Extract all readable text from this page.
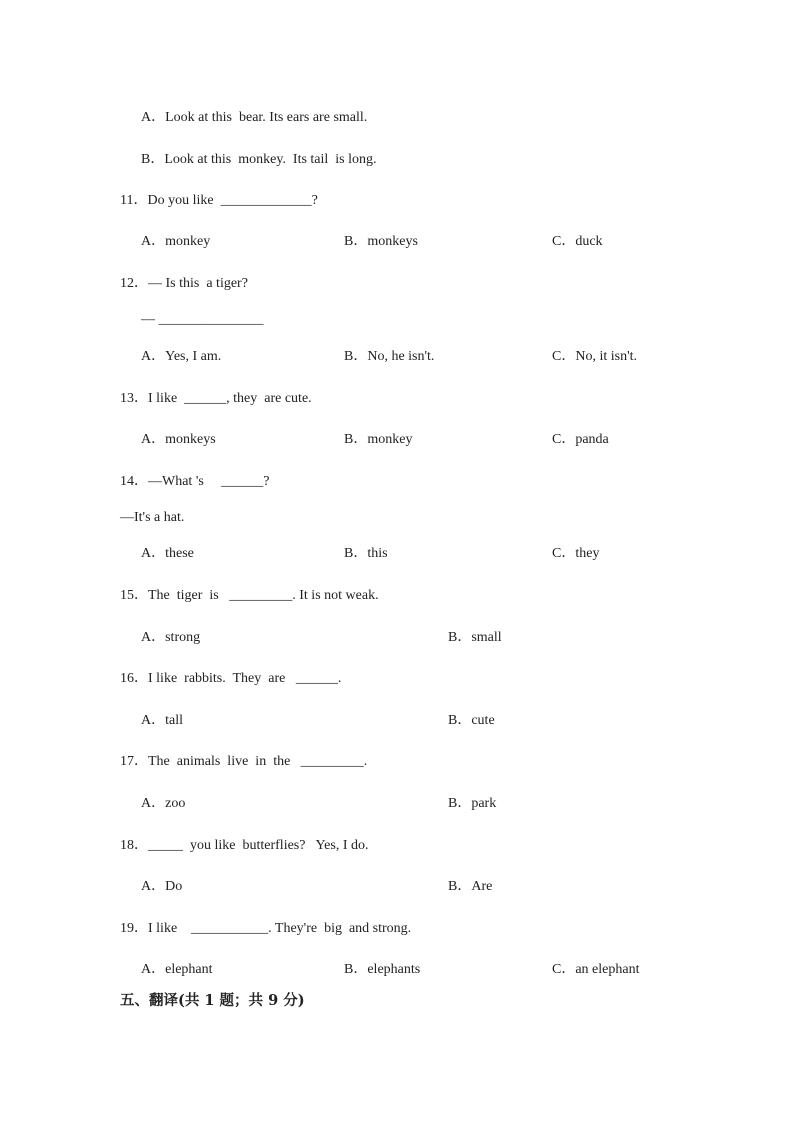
A．Look at this  bear. Its ears are small.
B．Look at this  monkey.  Its tail  is long.
11．Do you like  _____________?
A．monkey	B．monkeys	C．duck
12．— Is this  a tiger?
— _______________
A．Yes, I am.	B．No, he isn't.	C．No, it isn't.
13．I like  ______, they  are cute.
A．monkeys	B．monkey	C．panda
14．—What 's     ______?
—It's a hat.
A．these	B．this	C．they
15．The  tiger  is   _________. It is not weak.
A．strong	B．small
16．I like  rabbits.  They  are   ______.
A．tall	B．cute
17．The  animals  live  in  the   _________.
A．zoo	B．park
18．_____  you like  butterflies?   Yes, I do.
A．Do	B．Are
19．I like    ___________. They're  big  and strong.
A．elephant	B．elephants	C．an elephant
五、翻译(共 1 题；共 9 分)
